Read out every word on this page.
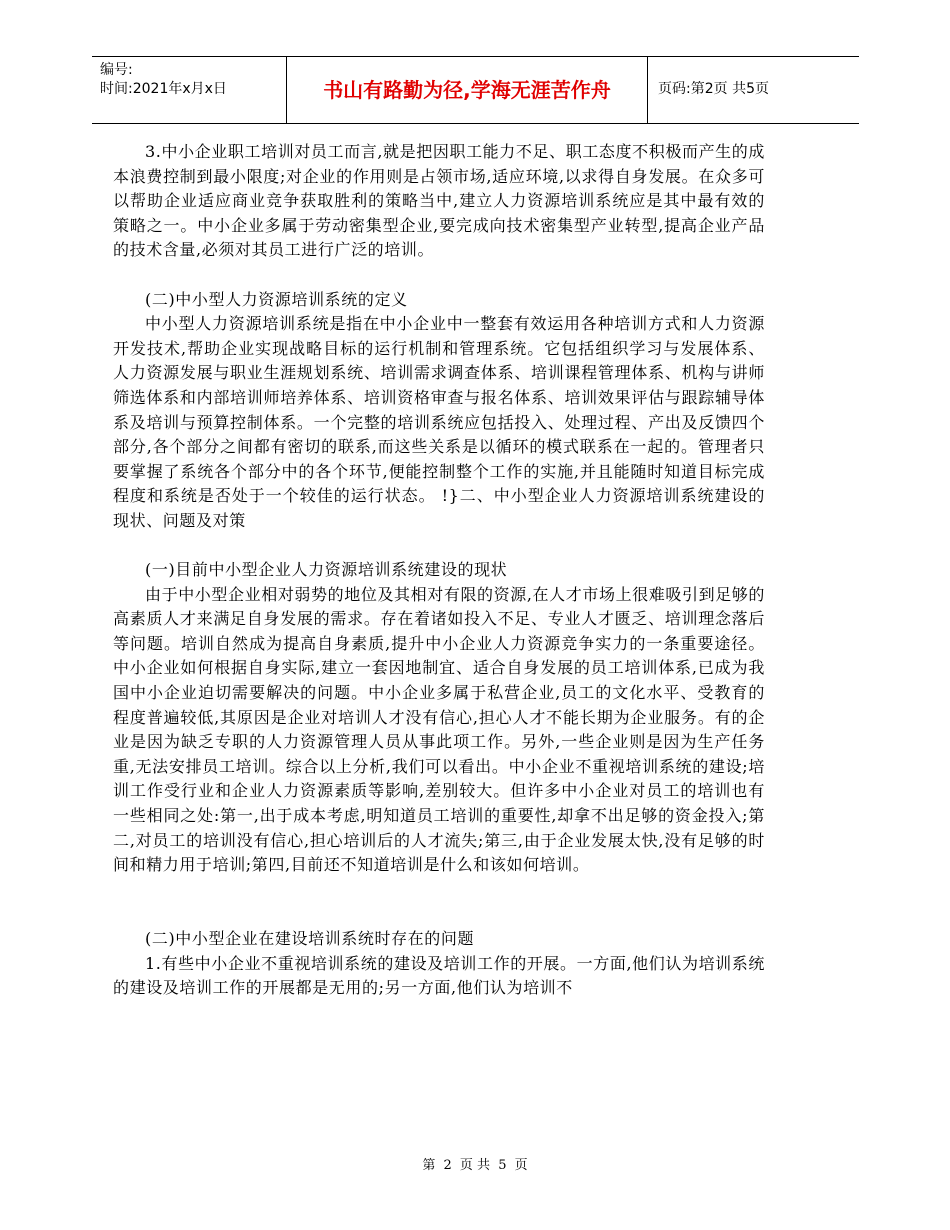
编号:
时间:2021年x月x日	书山有路勤为径,学海无涯苦作舟	页码:第2页 共5页

3.中小企业职工培训对员工而言,就是把因职工能力不足、职工态度不积极而产生的成本浪费控制到最小限度;对企业的作用则是占领市场,适应环境,以求得自身发展。在众多可以帮助企业适应商业竞争获取胜利的策略当中,建立人力资源培训系统应是其中最有效的策略之一。中小企业多属于劳动密集型企业,要完成向技术密集型产业转型,提高企业产品的技术含量,必须对其员工进行广泛的培训。

(二)中小型人力资源培训系统的定义

中小型人力资源培训系统是指在中小企业中一整套有效运用各种培训方式和人力资源开发技术,帮助企业实现战略目标的运行机制和管理系统。它包括组织学习与发展体系、人力资源发展与职业生涯规划系统、培训需求调查体系、培训课程管理体系、机构与讲师筛选体系和内部培训师培养体系、培训资格审查与报名体系、培训效果评估与跟踪辅导体系及培训与预算控制体系。一个完整的培训系统应包括投入、处理过程、产出及反馈四个部分,各个部分之间都有密切的联系,而这些关系是以循环的模式联系在一起的。管理者只要掌握了系统各个部分中的各个环节,便能控制整个工作的实施,并且能随时知道目标完成程度和系统是否处于一个较佳的运行状态。 !}二、中小型企业人力资源培训系统建设的现状、问题及对策

(一)目前中小型企业人力资源培训系统建设的现状

由于中小型企业相对弱势的地位及其相对有限的资源,在人才市场上很难吸引到足够的高素质人才来满足自身发展的需求。存在着诸如投入不足、专业人才匮乏、培训理念落后等问题。培训自然成为提高自身素质,提升中小企业人力资源竞争实力的一条重要途径。中小企业如何根据自身实际,建立一套因地制宜、适合自身发展的员工培训体系,已成为我国中小企业迫切需要解决的问题。中小企业多属于私营企业,员工的文化水平、受教育的程度普遍较低,其原因是企业对培训人才没有信心,担心人才不能长期为企业服务。有的企业是因为缺乏专职的人力资源管理人员从事此项工作。另外,一些企业则是因为生产任务重,无法安排员工培训。综合以上分析,我们可以看出。中小企业不重视培训系统的建设;培训工作受行业和企业人力资源素质等影响,差别较大。但许多中小企业对员工的培训也有一些相同之处:第一,出于成本考虑,明知道员工培训的重要性,却拿不出足够的资金投入;第二,对员工的培训没有信心,担心培训后的人才流失;第三,由于企业发展太快,没有足够的时间和精力用于培训;第四,目前还不知道培训是什么和该如何培训。

(二)中小型企业在建设培训系统时存在的问题

1.有些中小企业不重视培训系统的建设及培训工作的开展。一方面,他们认为培训系统的建设及培训工作的开展都是无用的;另一方面,他们认为培训不

第 2 页 共 5 页
